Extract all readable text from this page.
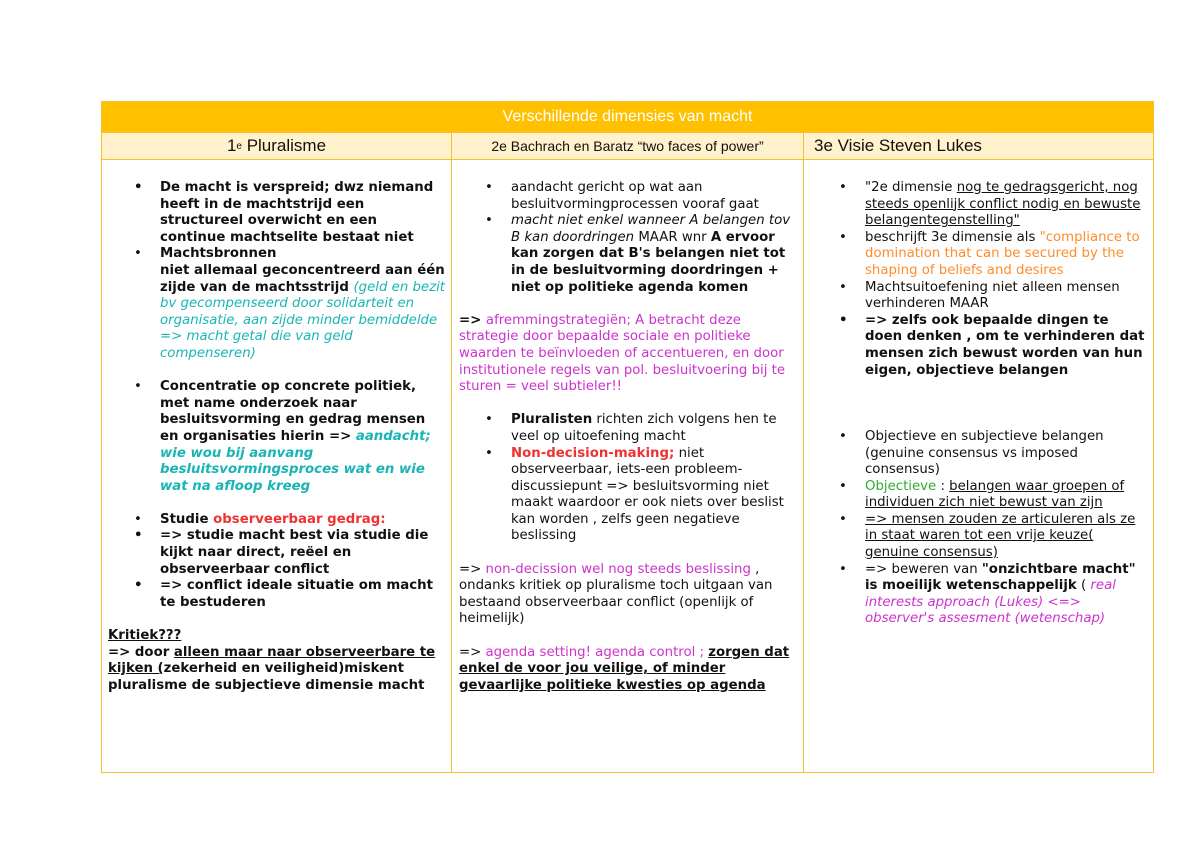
Verschillende dimensies van macht
1 e Pluralisme	2e Bachrach en Baratz “two faces of power”	3e Visie Steven Lukes
• De macht is verspreid; dwz niemand heeft in de machtstrijd een structureel overwicht en een continue machtselite bestaat niet
• Machtsbronnen
niet allemaal geconcentreerd aan één zijde van de machtsstrijd (geld en bezit bv gecompenseerd door solidarteit en organisatie, aan zijde minder bemiddelde => macht getal die van geld compenseren)
• Concentratie op concrete politiek, met name onderzoek naar besluitsvorming en gedrag mensen en organisaties hierin => aandacht; wie wou bij aanvang besluitsvormingsproces wat en wie wat na afloop kreeg
• Studie observeerbaar gedrag:
• => studie macht best via studie die kijkt naar direct, reëel en observeerbaar conflict
• => conflict ideale situatie om macht te bestuderen

Kritiek???

=> door alleen maar naar observeerbare te kijken (zekerheid en veiligheid)miskent pluralisme de subjectieve dimensie macht

• aandacht gericht op wat aan besluitvormingprocessen vooraf gaat
• macht niet enkel wanneer A belangen tov B kan doordringen MAAR wnr A ervoor kan zorgen dat B's belangen niet tot in de besluitvorming doordringen + niet op politieke agenda komen

=> afremmingstrategiën; A betracht deze strategie door bepaalde sociale en politieke waarden te beïnvloeden of accentueren, en door institutionele regels van pol. besluitvoering bij te sturen = veel subtieler!!

• Pluralisten richten zich volgens hen te veel op uitoefening macht
• Non-decision-making; niet observeerbaar, iets-een probleem-discussiepunt => besluitsvorming niet maakt waardoor er ook niets over beslist kan worden , zelfs geen negatieve beslissing

=> non-decission wel nog steeds beslissing , ondanks kritiek op pluralisme toch uitgaan van bestaand observeerbaar conflict (openlijk of heimelijk)

=> agenda setting! agenda control ; zorgen dat enkel de voor jou veilige, of minder gevaarlijke politieke kwesties op agenda

• "2e dimensie nog te gedragsgericht, nog steeds openlijk conflict nodig en bewuste belangentegenstelling"
• beschrijft 3e dimensie als "compliance to domination that can be secured by the shaping of beliefs and desires
• Machtsuitoefening niet alleen mensen verhinderen MAAR
• => zelfs ook bepaalde dingen te doen denken , om te verhinderen dat mensen zich bewust worden van hun eigen, objectieve belangen
• Objectieve en subjectieve belangen (genuine consensus vs imposed consensus)
• Objectieve : belangen waar groepen of individuen zich niet bewust van zijn
• => mensen zouden ze articuleren als ze in staat waren tot een vrije keuze( genuine consensus)
• => beweren van "onzichtbare macht" is moeilijk wetenschappelijk ( real interests approach (Lukes) <=> observer's assesment (wetenschap)
